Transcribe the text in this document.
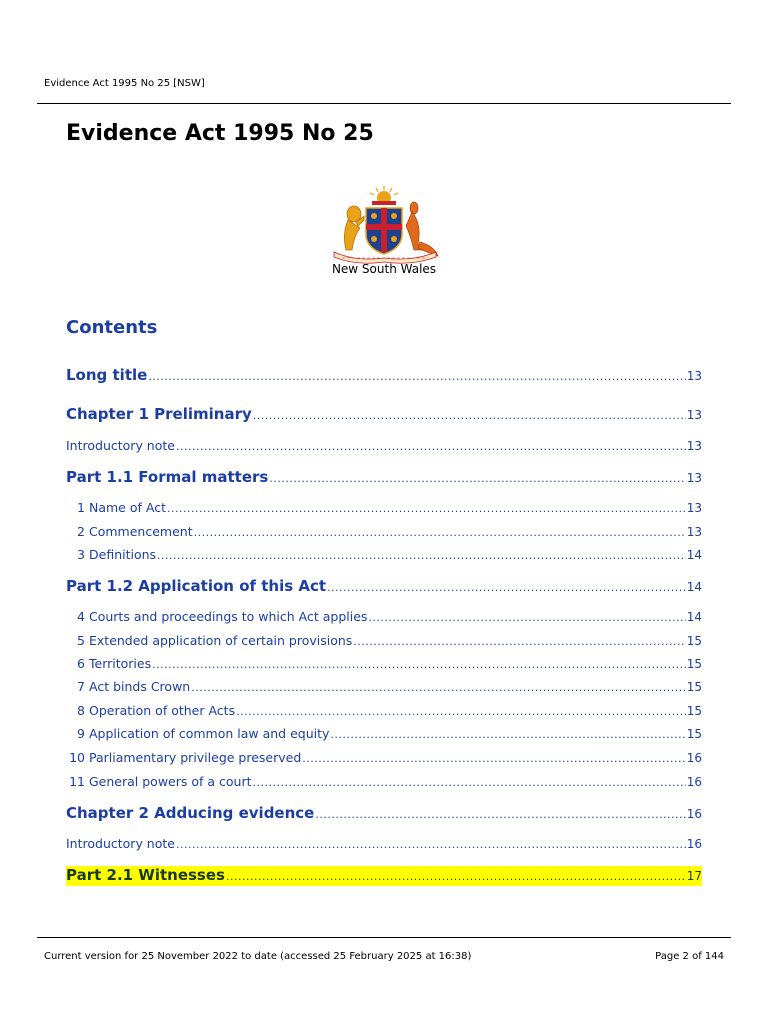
Evidence Act 1995 No 25 [NSW]
Evidence Act 1995 No 25
New South Wales
Contents
Long title .....	13
Chapter 1 Preliminary .....	13
Introductory note .....	13
Part 1.1 Formal matters .....	13
1 Name of Act .....	13
2 Commencement .....	13
3 Definitions .....	14
Part 1.2 Application of this Act .....	14
4 Courts and proceedings to which Act applies .....	14
5 Extended application of certain provisions .....	15
6 Territories .....	15
7 Act binds Crown .....	15
8 Operation of other Acts .....	15
9 Application of common law and equity .....	15
10 Parliamentary privilege preserved .....	16
11 General powers of a court .....	16
Chapter 2 Adducing evidence .....	16
Introductory note .....	16
Part 2.1 Witnesses .....	17
Current version for 25 November 2022 to date (accessed 25 February 2025 at 16:38)	Page 2 of 144
